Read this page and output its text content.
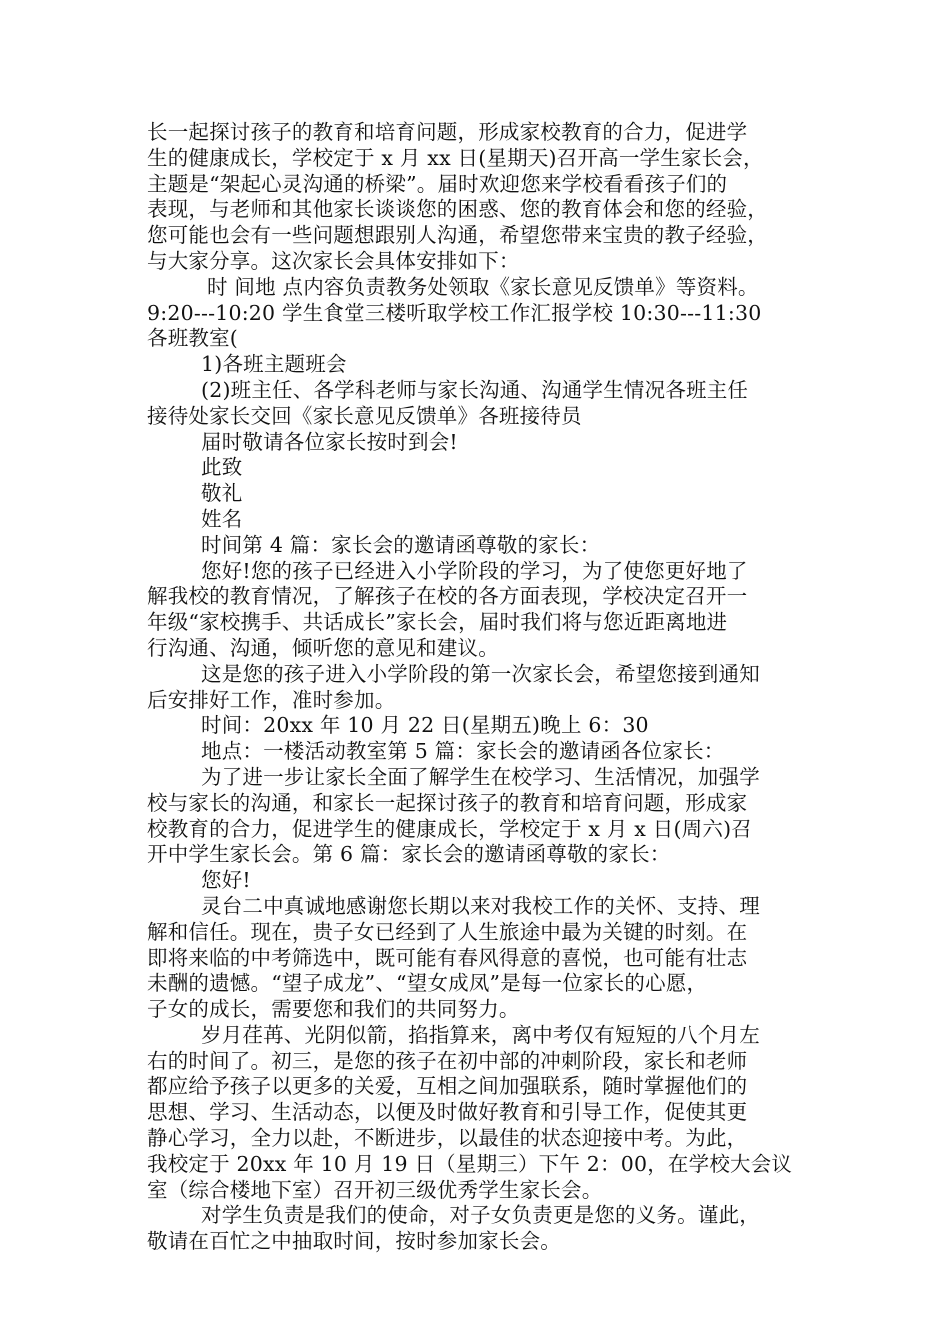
长一起探讨孩子的教育和培育问题，形成家校教育的合力，促进学
生的健康成长，学校定于 x 月 xx 日(星期天)召开高一学生家长会，
主题是“架起心灵沟通的桥梁”。届时欢迎您来学校看看孩子们的
表现，与老师和其他家长谈谈您的困惑、您的教育体会和您的经验，
您可能也会有一些问题想跟别人沟通，希望您带来宝贵的教子经验，
与大家分享。这次家长会具体安排如下：
时 间地 点内容负责教务处领取《家长意见反馈单》等资料。
9:20---10:20 学生食堂三楼听取学校工作汇报学校 10:30---11:30
各班教室(
1)各班主题班会
(2)班主任、各学科老师与家长沟通、沟通学生情况各班主任
接待处家长交回《家长意见反馈单》各班接待员
届时敬请各位家长按时到会!
此致
敬礼
姓名
时间第 4 篇：家长会的邀请函尊敬的家长：
您好!您的孩子已经进入小学阶段的学习，为了使您更好地了
解我校的教育情况，了解孩子在校的各方面表现，学校决定召开一
年级“家校携手、共话成长”家长会，届时我们将与您近距离地进
行沟通、沟通，倾听您的意见和建议。
这是您的孩子进入小学阶段的第一次家长会，希望您接到通知
后安排好工作，准时参加。
时间：20xx 年 10 月 22 日(星期五)晚上 6：30
地点：一楼活动教室第 5 篇：家长会的邀请函各位家长：
为了进一步让家长全面了解学生在校学习、生活情况，加强学
校与家长的沟通，和家长一起探讨孩子的教育和培育问题，形成家
校教育的合力，促进学生的健康成长，学校定于 x 月 x 日(周六)召
开中学生家长会。第 6 篇：家长会的邀请函尊敬的家长：
您好!
灵台二中真诚地感谢您长期以来对我校工作的关怀、支持、理
解和信任。现在，贵子女已经到了人生旅途中最为关键的时刻。在
即将来临的中考筛选中，既可能有春风得意的喜悦，也可能有壮志
未酬的遗憾。“望子成龙”、“望女成凤”是每一位家长的心愿，
子女的成长，需要您和我们的共同努力。
岁月荏苒、光阴似箭，掐指算来，离中考仅有短短的八个月左
右的时间了。初三，是您的孩子在初中部的冲刺阶段，家长和老师
都应给予孩子以更多的关爱，互相之间加强联系，随时掌握他们的
思想、学习、生活动态，以便及时做好教育和引导工作，促使其更
静心学习，全力以赴，不断进步，以最佳的状态迎接中考。为此，
我校定于 20xx 年 10 月 19 日（星期三）下午 2：00，在学校大会议
室（综合楼地下室）召开初三级优秀学生家长会。
对学生负责是我们的使命，对子女负责更是您的义务。谨此，
敬请在百忙之中抽取时间，按时参加家长会。
